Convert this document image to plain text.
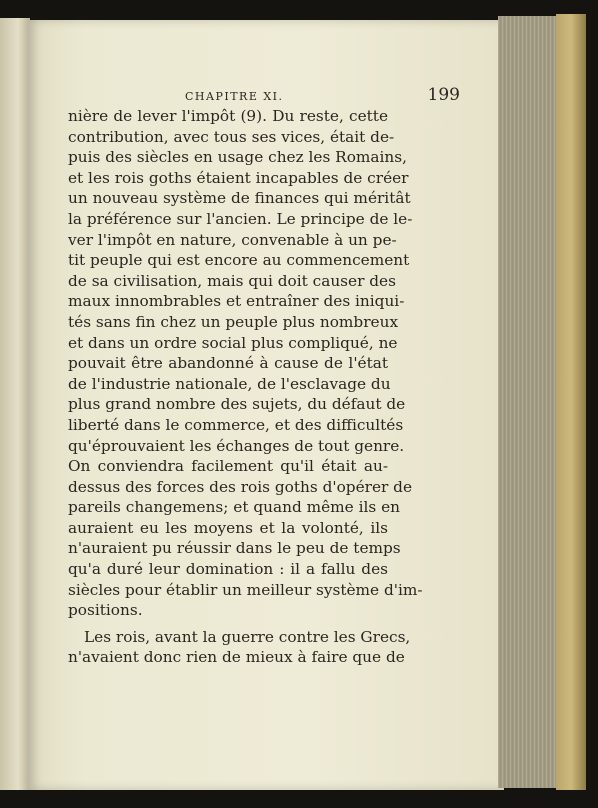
CHAPITRE XI.	199
nière de lever l'impôt (9). Du reste, cette
contribution, avec tous ses vices, était de-
puis des siècles en usage chez les Romains,
et les rois goths étaient incapables de créer
un nouveau système de finances qui méritât
la préférence sur l'ancien. Le principe de le-
ver l'impôt en nature, convenable à un pe-
tit peuple qui est encore au commencement
de sa civilisation, mais qui doit causer des
maux innombrables et entraîner des iniqui-
tés sans fin chez un peuple plus nombreux
et dans un ordre social plus compliqué, ne
pouvait être abandonné à cause de l'état
de l'industrie nationale, de l'esclavage du
plus grand nombre des sujets, du défaut de
liberté dans le commerce, et des difficultés
qu'éprouvaient les échanges de tout genre.
On conviendra facilement qu'il était au-
dessus des forces des rois goths d'opérer de
pareils changemens; et quand même ils en
auraient eu les moyens et la volonté, ils
n'auraient pu réussir dans le peu de temps
qu'a duré leur domination : il a fallu des
siècles pour établir un meilleur système d'im-
positions.
Les rois, avant la guerre contre les Grecs,
n'avaient donc rien de mieux à faire que de
